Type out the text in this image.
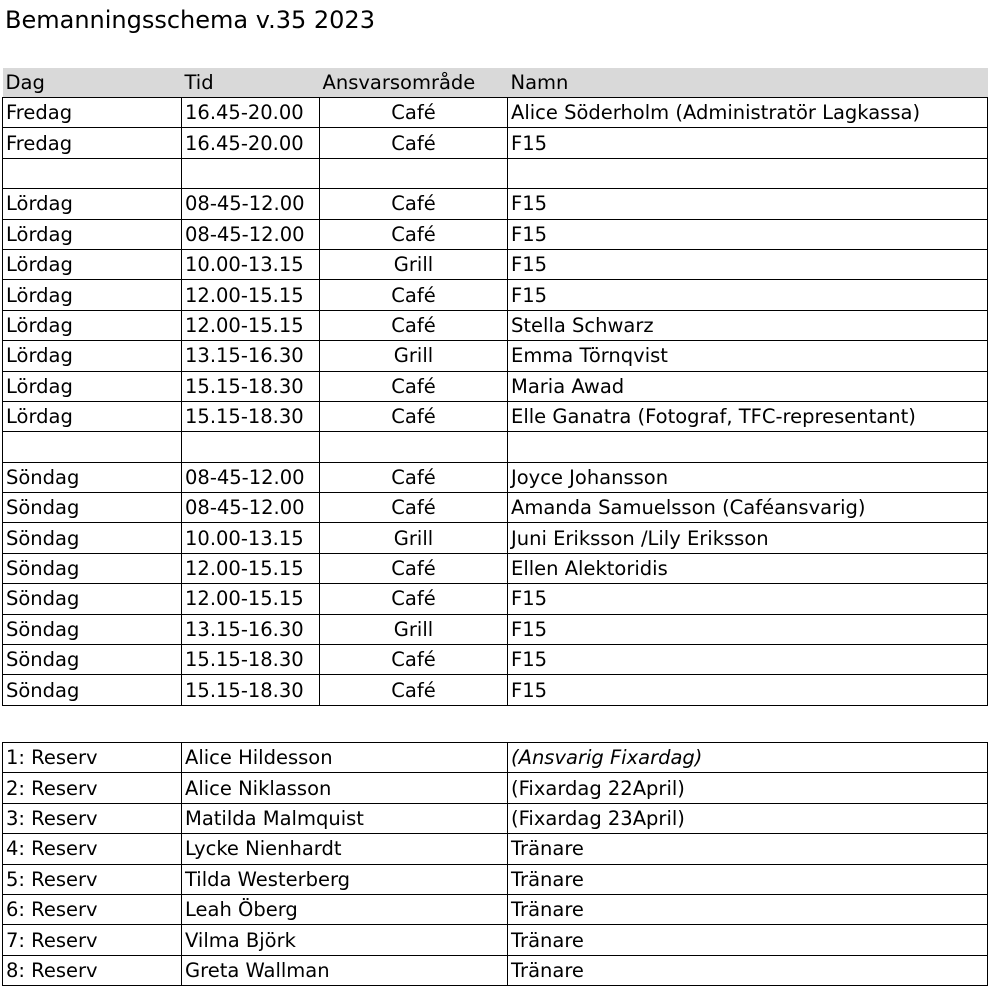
Bemanningsschema v.35 2023
Dag	Tid	Ansvarsområde	Namn
Fredag	16.45-20.00	Café	Alice Söderholm (Administratör Lagkassa)
Fredag	16.45-20.00	Café	F15

Lördag	08-45-12.00	Café	F15
Lördag	08-45-12.00	Café	F15
Lördag	10.00-13.15	Grill	F15
Lördag	12.00-15.15	Café	F15
Lördag	12.00-15.15	Café	Stella Schwarz
Lördag	13.15-16.30	Grill	Emma Törnqvist
Lördag	15.15-18.30	Café	Maria Awad
Lördag	15.15-18.30	Café	Elle Ganatra (Fotograf, TFC-representant)

Söndag	08-45-12.00	Café	Joyce Johansson
Söndag	08-45-12.00	Café	Amanda Samuelsson (Caféansvarig)
Söndag	10.00-13.15	Grill	Juni Eriksson /Lily Eriksson
Söndag	12.00-15.15	Café	Ellen Alektoridis
Söndag	12.00-15.15	Café	F15
Söndag	13.15-16.30	Grill	F15
Söndag	15.15-18.30	Café	F15
Söndag	15.15-18.30	Café	F15
1: Reserv	Alice Hildesson	(Ansvarig Fixardag)
2: Reserv	Alice Niklasson	(Fixardag 22April)
3: Reserv	Matilda Malmquist	(Fixardag 23April)
4: Reserv	Lycke Nienhardt	Tränare
5: Reserv	Tilda Westerberg	Tränare
6: Reserv	Leah Öberg	Tränare
7: Reserv	Vilma Björk	Tränare
8: Reserv	Greta Wallman	Tränare
